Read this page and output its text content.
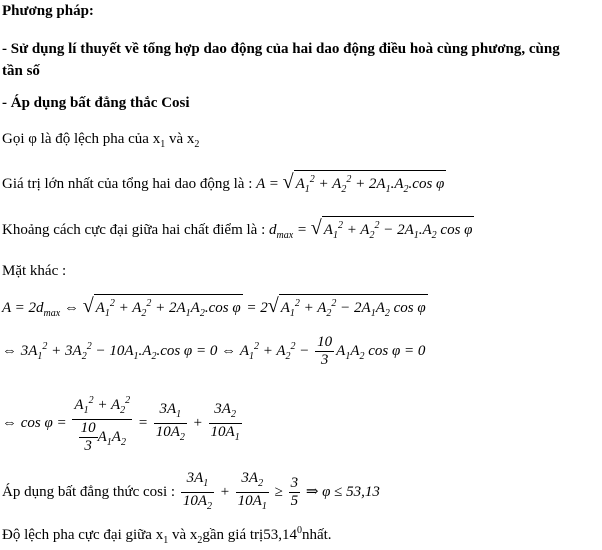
Phương pháp:
- Sử dụng lí thuyết về tổng hợp dao động của hai dao động điều hoà cùng phương, cùng
tần số
- Áp dụng bất đẳng thắc Cosi
Gọi φ là độ lệch pha của $x_1$ và $x_2$
Giá trị lớn nhất của tổng hai dao động là : A = √ $A_1^2 + A_2^2 + 2A_1.A_2.\cos$ φ
Khoảng cách cực đại giữa hai chất điểm là : $d_{max}$ = √ $A_1^2 + A_2^2 - 2A_1.A_2$ cos φ
Mặt khác :
$A = 2d_{max}$ ⇔ √ $A_1^2 + A_2^2 + 2A_1A_2.\cos$ φ = 2√ $A_1^2 + A_2^2 - 2A_1A_2$ cos φ
⇔ $3A_1^2 + 3A_2^2 - 10A_1.A_2.\cos$ φ = 0 ⇔ $A_1^2 + A_2^2 - \frac{10}{3} A_1A_2$ cos φ = 0
⇔ $\cos \varphi = \frac{A_1^2 + A_2^2}{\frac{10}{3} A_1A_2} = \frac{3A_1}{10A_2} + \frac{3A_2}{10A_1}$
Áp dụng bất đẳng thức cosi : $\frac{3A_1}{10A_2} + \frac{3A_2}{10A_1} \ge \frac{3}{5}$ ⇒ φ ≤ 53,13
Độ lệch pha cực đại giữa $x_1$ và $x_2gần$ giá trị53,14$^0$nhất.
